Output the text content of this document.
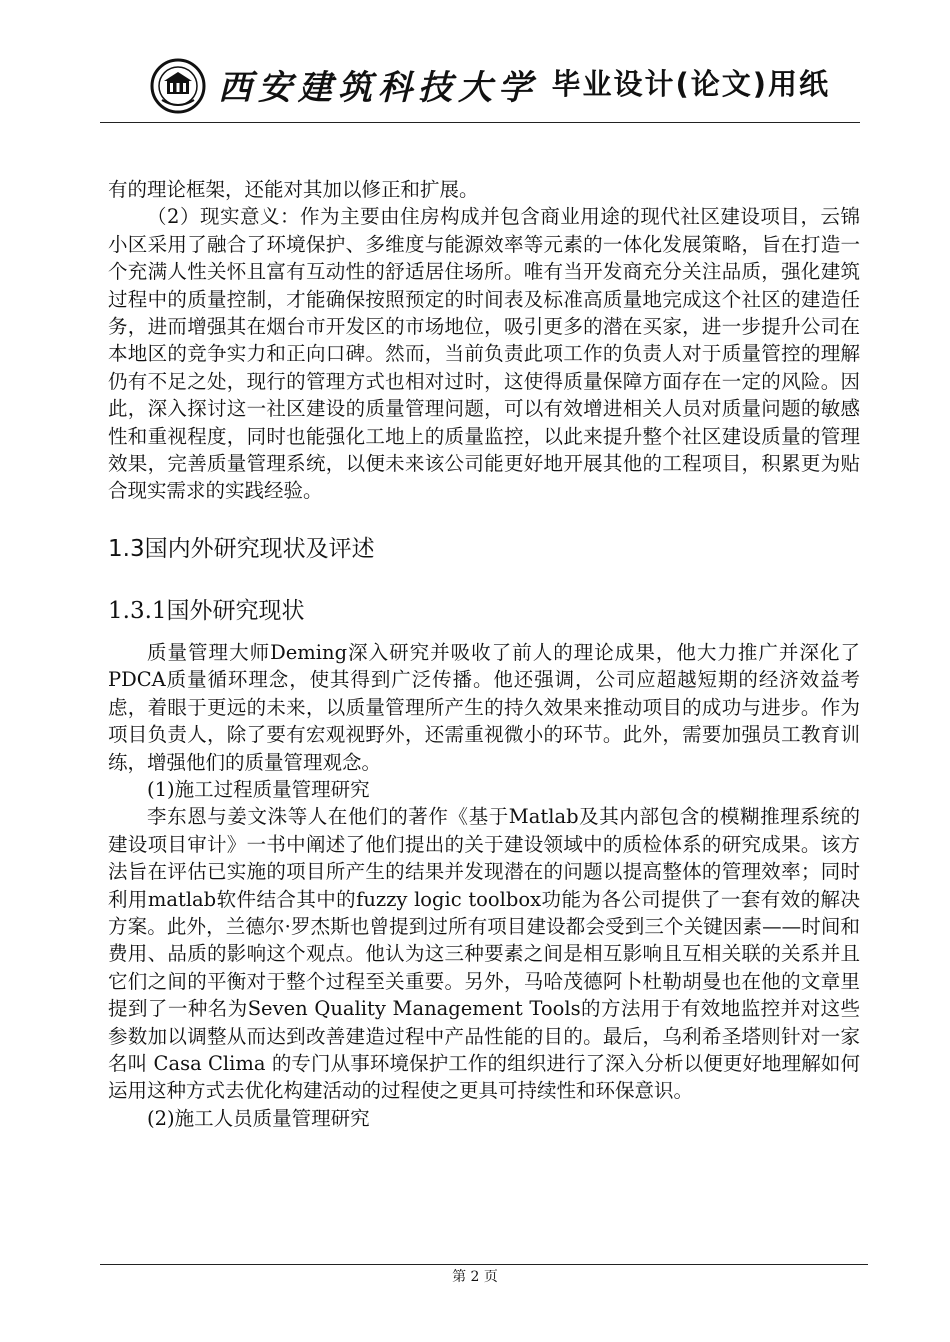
西安建筑科技大学 毕业设计(论文)用纸

有的理论框架，还能对其加以修正和扩展。

（2）现实意义：作为主要由住房构成并包含商业用途的现代社区建设项目，云锦小区采用了融合了环境保护、多维度与能源效率等元素的一体化发展策略，旨在打造一个充满人性关怀且富有互动性的舒适居住场所。唯有当开发商充分关注品质，强化建筑过程中的质量控制，才能确保按照预定的时间表及标准高质量地完成这个社区的建造任务，进而增强其在烟台市开发区的市场地位，吸引更多的潜在买家，进一步提升公司在本地区的竞争实力和正向口碑。然而，当前负责此项工作的负责人对于质量管控的理解仍有不足之处，现行的管理方式也相对过时，这使得质量保障方面存在一定的风险。因此，深入探讨这一社区建设的质量管理问题，可以有效增进相关人员对质量问题的敏感性和重视程度，同时也能强化工地上的质量监控，以此来提升整个社区建设质量的管理效果，完善质量管理系统，以便未来该公司能更好地开展其他的工程项目，积累更为贴合现实需求的实践经验。

1.3国内外研究现状及评述
1.3.1国外研究现状

质量管理大师Deming深入研究并吸收了前人的理论成果，他大力推广并深化了PDCA质量循环理念，使其得到广泛传播。他还强调，公司应超越短期的经济效益考虑，着眼于更远的未来，以质量管理所产生的持久效果来推动项目的成功与进步。作为项目负责人，除了要有宏观视野外，还需重视微小的环节。此外，需要加强员工教育训练，增强他们的质量管理观念。

(1)施工过程质量管理研究

李东恩与姜文洙等人在他们的著作《基于Matlab及其内部包含的模糊推理系统的建设项目审计》一书中阐述了他们提出的关于建设领域中的质检体系的研究成果。该方法旨在评估已实施的项目所产生的结果并发现潜在的问题以提高整体的管理效率；同时利用matlab软件结合其中的fuzzy logic toolbox功能为各公司提供了一套有效的解决方案。此外，兰德尔·罗杰斯也曾提到过所有项目建设都会受到三个关键因素——时间和费用、品质的影响这个观点。他认为这三种要素之间是相互影响且互相关联的关系并且它们之间的平衡对于整个过程至关重要。另外，马哈茂德阿卜杜勒胡曼也在他的文章里提到了一种名为Seven Quality Management Tools的方法用于有效地监控并对这些参数加以调整从而达到改善建造过程中产品性能的目的。最后，乌利希圣塔则针对一家名叫 Casa Clima 的专门从事环境保护工作的组织进行了深入分析以便更好地理解如何运用这种方式去优化构建活动的过程使之更具可持续性和环保意识。

(2)施工人员质量管理研究

第 2 页
